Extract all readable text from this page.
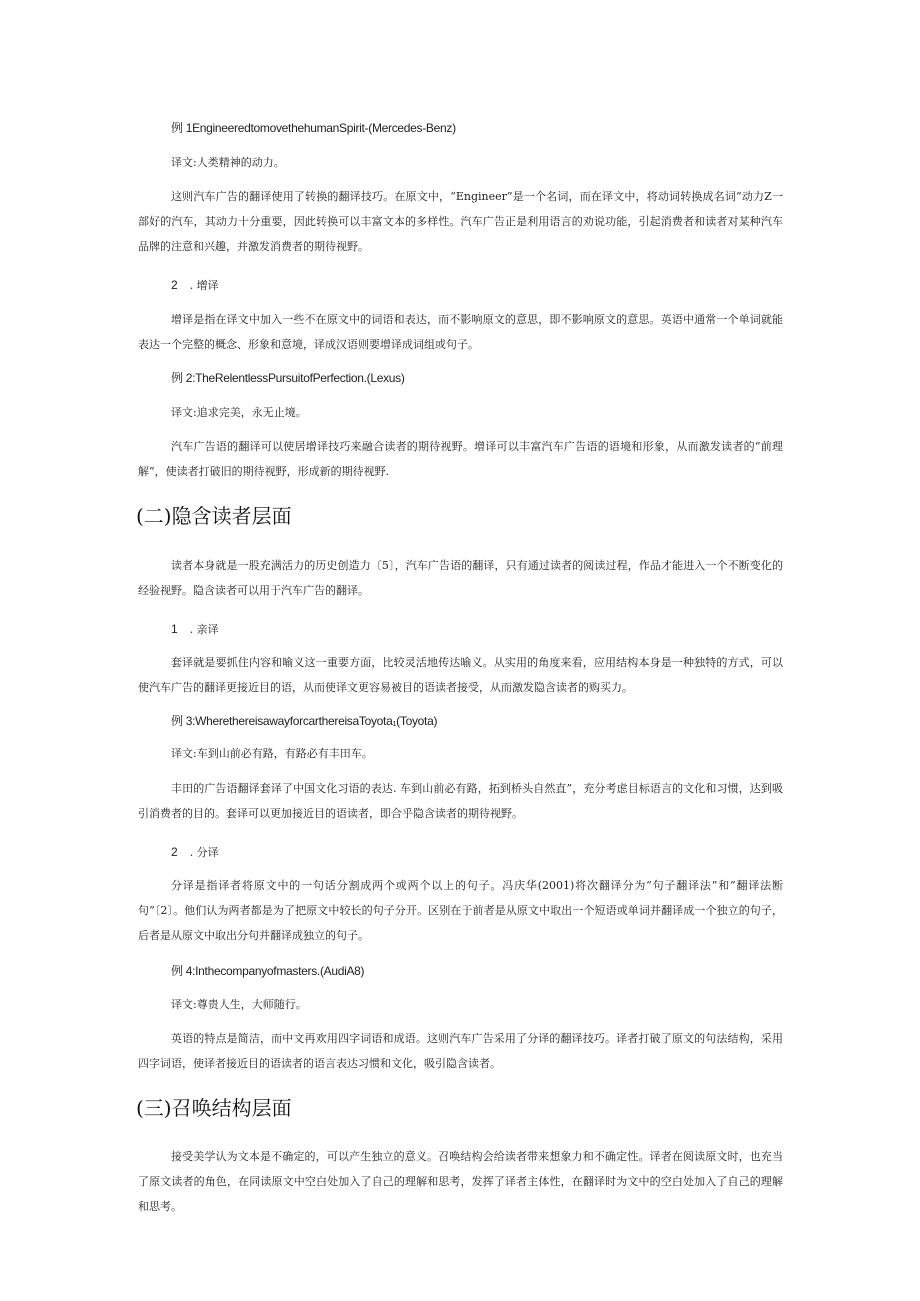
例 1EngineeredtomovethehumanSpirit-(Mercedes-Benz)
译文:人类精神的动力。
这则汽车广告的翻译使用了转换的翻译技巧。在原文中，“Engineer”是一个名词，而在译文中，将动词转换成名词“动力Z一部好的汽车，其动力十分重要，因此转换可以丰富文本的多样性。汽车广告正是利用语言的劝说功能，引起消费者和读者对某种汽车品牌的注意和兴趣，并激发消费者的期待视野。
2 . 增译
增译是指在译文中加入一些不在原文中的词语和表达，而不影响原文的意思，即不影响原文的意思。英语中通常一个单词就能表达一个完整的概念、形象和意境，译成汉语则要增译成词组或句子。
例 2:TheRelentlessPursuitofPerfection.(Lexus)
译文:追求完美，永无止境。
汽车广告语的翻译可以使居增译技巧来融合读者的期待视野。增译可以丰富汽车广告语的语境和形象，从而激发读者的“前理解”，使读者打破旧的期待视野，形成新的期待视野.
(二)隐含读者层面
读者本身就是一股充满活力的历史创造力〔5〕，汽车广告语的翻译，只有通过读者的阅读过程，作品才能进入一个不断变化的经验视野。隐含读者可以用于汽车广告的翻译。
1 . 亲译
套译就是要抓住内容和喻义这一重要方面，比较灵活地传达喻义。从实用的角度来看，应用结构本身是一种独特的方式，可以使汽车广告的翻译更接近目的语，从而使译文更容易被目的语读者接受，从而激发隐含读者的购买力。
例 3:WherethereisawayforcarthereisaToyota₁(Toyota)
译文:车到山前必有路，有路必有丰田车。
丰田的广告语翻译套译了中国文化习语的表达. 车到山前必有路，拓到桥头自然直”，充分考虑目标语言的文化和习惯，达到吸引消费者的目的。套译可以更加接近目的语读者，即合乎隐含读者的期待视野。
2 . 分译
分译是指译者将原文中的一句话分割成两个或两个以上的句子。冯庆华(2001)将次翻译分为“句子翻译法”和“翻译法断句”〔2〕。他们认为两者都是为了把原文中较长的句子分开。区别在于前者是从原文中取出一个短语或单词并翻译成一个独立的句子，后者是从原文中取出分句并翻译成独立的句子。
例 4:Inthecompanyofmasters.(AudiA8)
译文:尊贵人生，大师随行。
英语的特点是简洁，而中文再欢用四字词语和成语。这则汽车广告采用了分译的翻译技巧。译者打破了原文的句法结构，采用四字词语，使译者接近目的语读者的语言表达习惯和文化，吸引隐含读者。
(三)召唤结构层面
接受美学认为文本是不确定的，可以产生独立的意义。召唤结构会给读者带来想象力和不确定性。译者在阅读原文时，也充当了原文读者的角色，在同读原文中空白处加入了自己的理解和思考，发挥了译者主体性，在翻译时为文中的空白处加入了自己的理解和思考。
